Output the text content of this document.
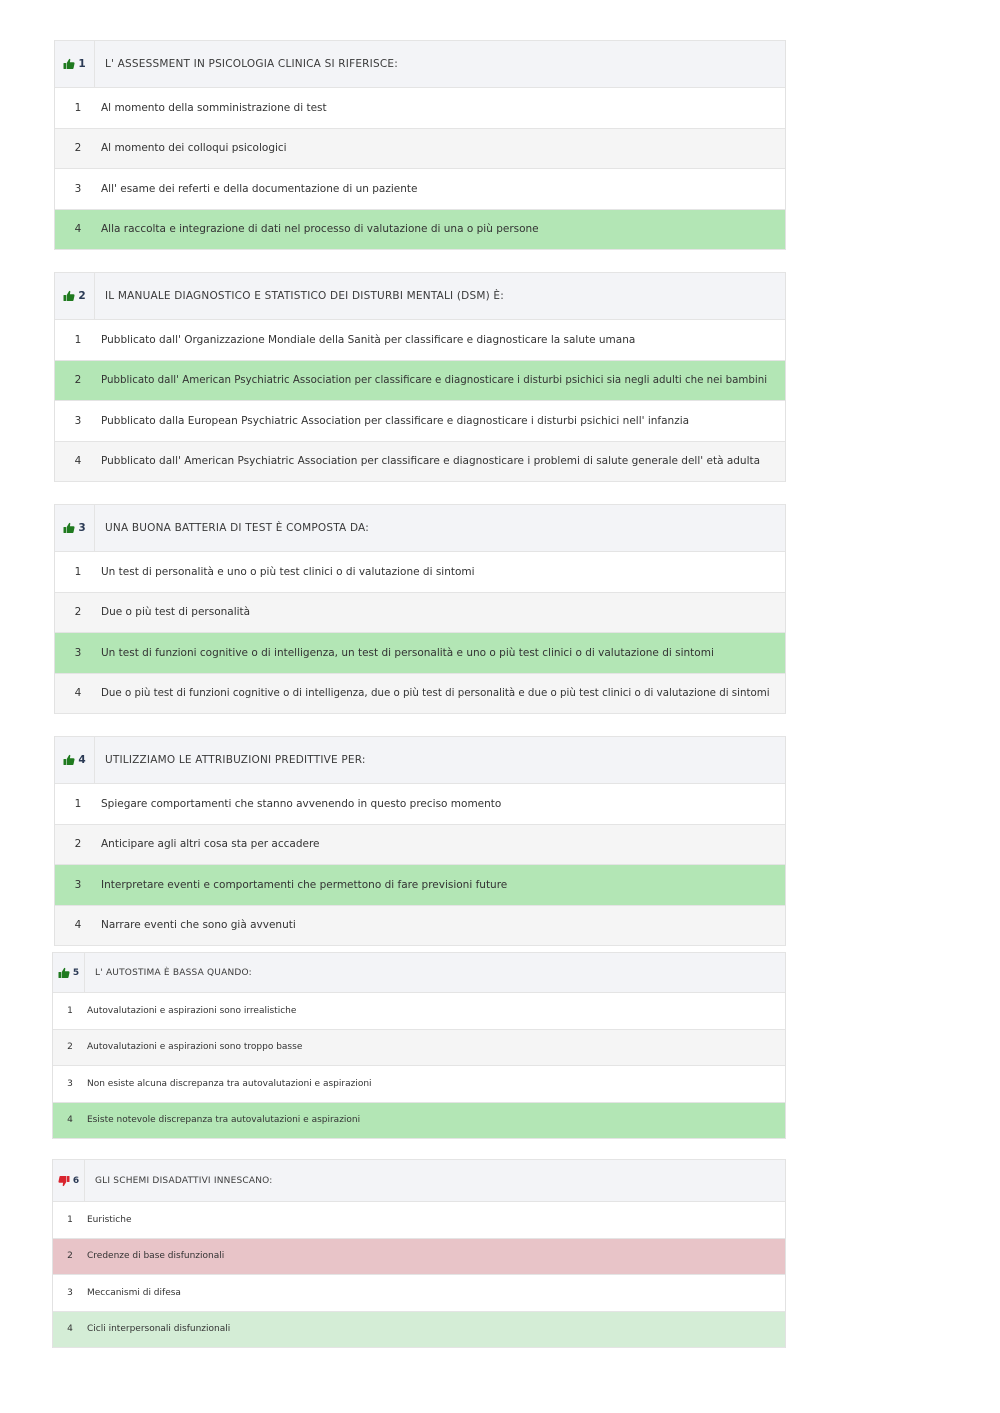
1	L' ASSESSMENT IN PSICOLOGIA CLINICA SI RIFERISCE:
1	Al momento della somministrazione di test
2	Al momento dei colloqui psicologici
3	All' esame dei referti e della documentazione di un paziente
4	Alla raccolta e integrazione di dati nel processo di valutazione di una o più persone
2	IL MANUALE DIAGNOSTICO E STATISTICO DEI DISTURBI MENTALI (DSM) È:
1	Pubblicato dall' Organizzazione Mondiale della Sanità per classificare e diagnosticare la salute umana
2	Pubblicato dall' American Psychiatric Association per classificare e diagnosticare i disturbi psichici sia negli adulti che nei bambini
3	Pubblicato dalla European Psychiatric Association per classificare e diagnosticare i disturbi psichici nell' infanzia
4	Pubblicato dall' American Psychiatric Association per classificare e diagnosticare i problemi di salute generale dell' età adulta
3	UNA BUONA BATTERIA DI TEST È COMPOSTA DA:
1	Un test di personalità e uno o più test clinici o di valutazione di sintomi
2	Due o più test di personalità
3	Un test di funzioni cognitive o di intelligenza, un test di personalità e uno o più test clinici o di valutazione di sintomi
4	Due o più test di funzioni cognitive o di intelligenza, due o più test di personalità e due o più test clinici o di valutazione di sintomi
4	UTILIZZIAMO LE ATTRIBUZIONI PREDITTIVE PER:
1	Spiegare comportamenti che stanno avvenendo in questo preciso momento
2	Anticipare agli altri cosa sta per accadere
3	Interpretare eventi e comportamenti che permettono di fare previsioni future
4	Narrare eventi che sono già avvenuti
5	L' AUTOSTIMA È BASSA QUANDO:
1	Autovalutazioni e aspirazioni sono irrealistiche
2	Autovalutazioni e aspirazioni sono troppo basse
3	Non esiste alcuna discrepanza tra autovalutazioni e aspirazioni
4	Esiste notevole discrepanza tra autovalutazioni e aspirazioni
6	GLI SCHEMI DISADATTIVI INNESCANO:
1	Euristiche
2	Credenze di base disfunzionali
3	Meccanismi di difesa
4	Cicli interpersonali disfunzionali
